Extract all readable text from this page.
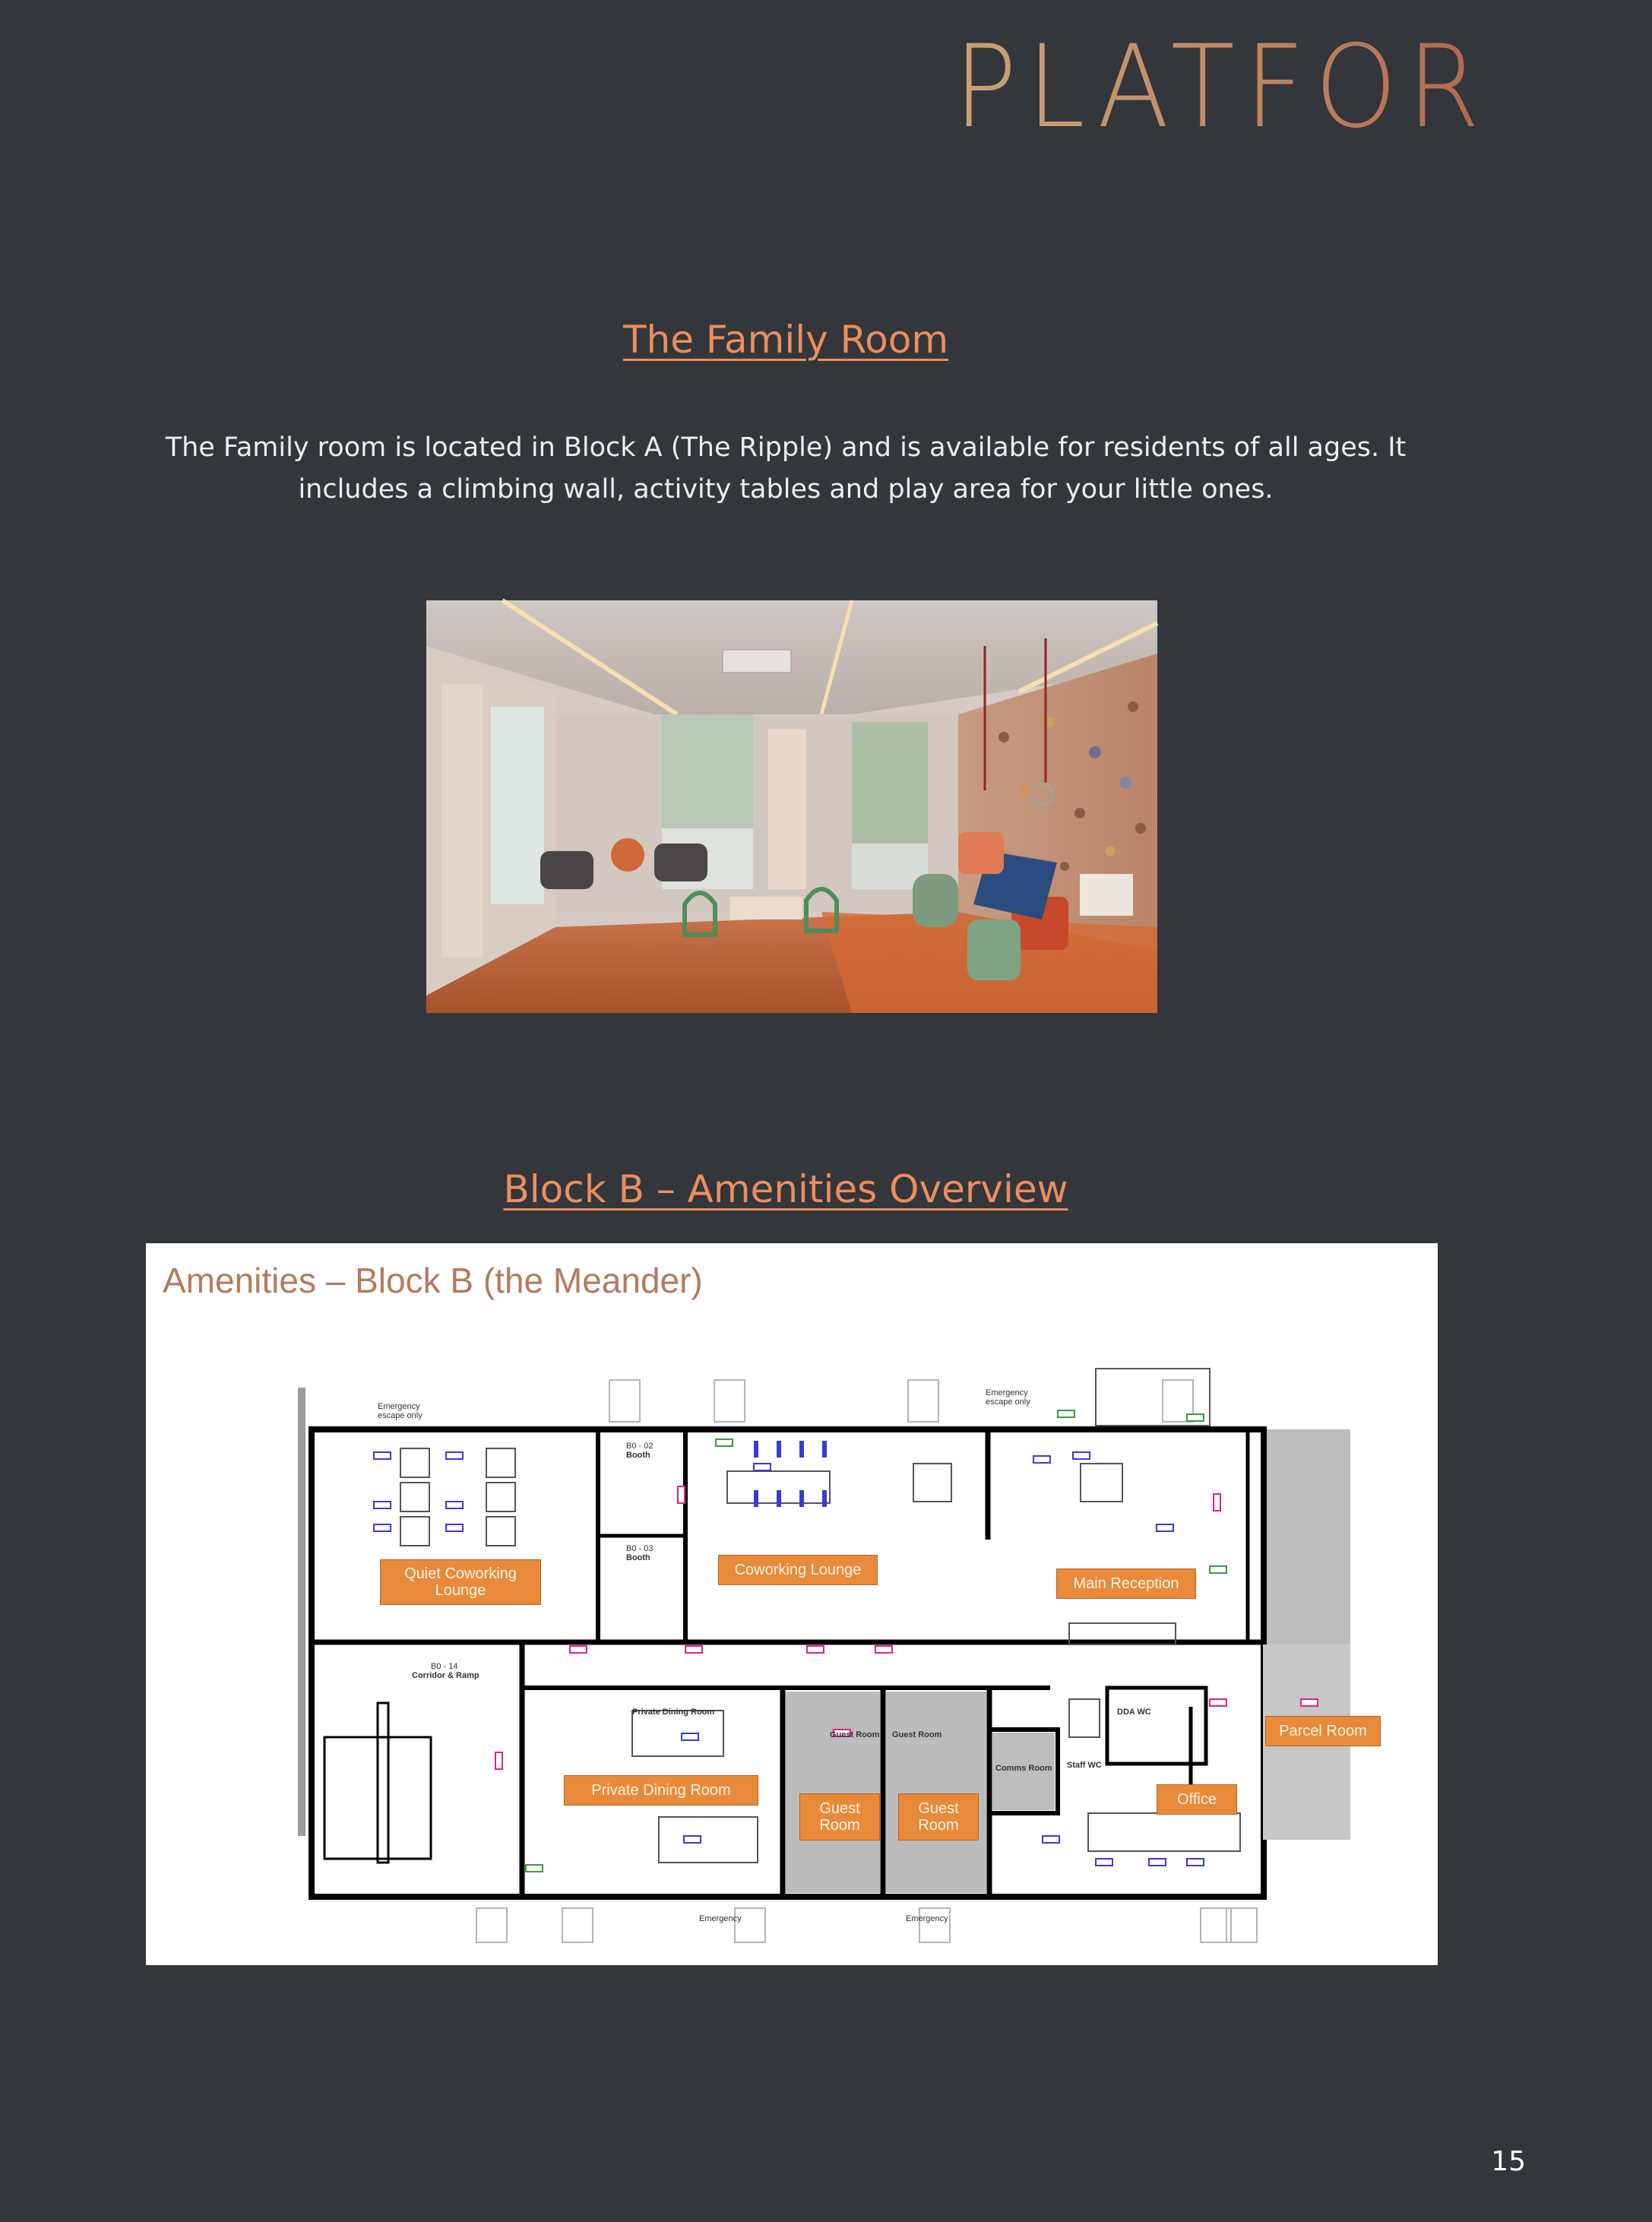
PLATFORM_
The Family Room
The Family room is located in Block A (The Ripple) and is available for residents of all ages. It includes a climbing wall, activity tables and play area for your little ones.
Block B – Amenities Overview
Amenities – Block B (the Meander)
Emergency
escape only
Emergency
escape only
B0 - 02
Booth
B0 - 03
Booth
B0 - 14
Corridor & Ramp
Private Dining Room
Guest Room Guest Room
Comms Room Staff WC
DDA WC
Emergency	Emergency
Quiet Coworking
Lounge
Coworking Lounge
Main Reception
Parcel Room
Private Dining Room
Guest
Room
Guest
Room
Office
15
